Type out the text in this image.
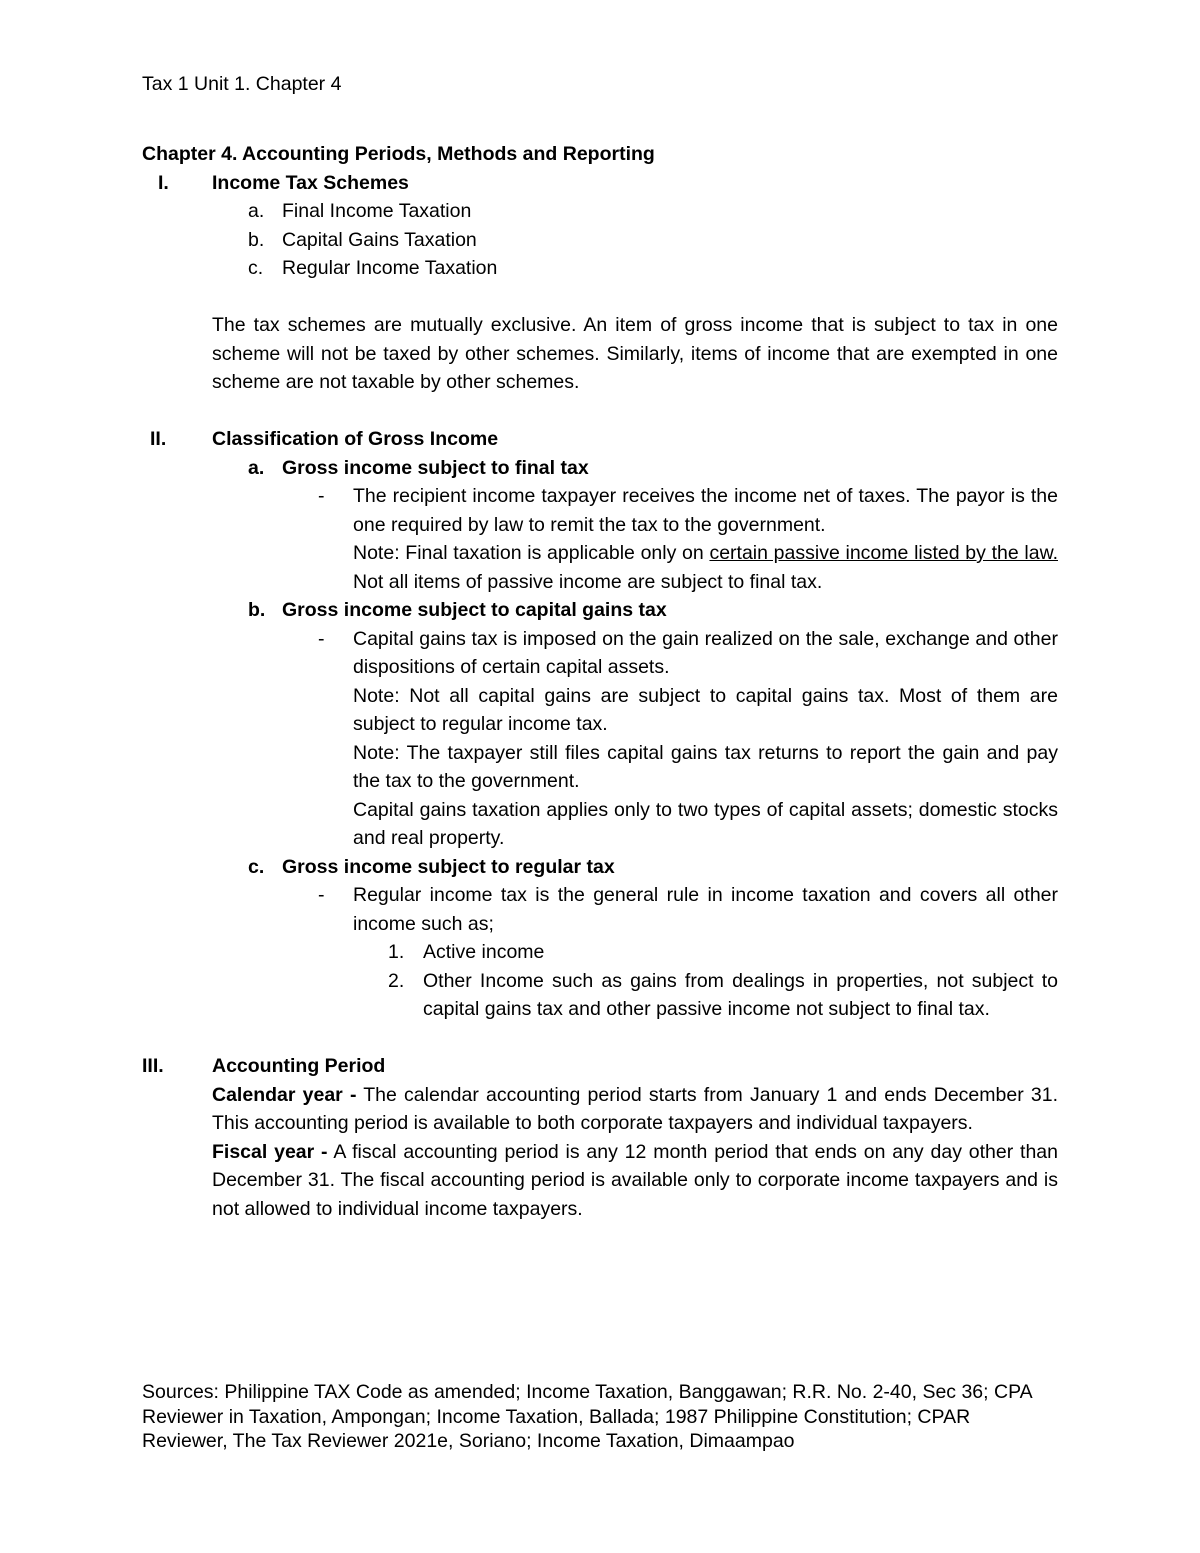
Tax 1 Unit 1. Chapter 4
Chapter 4. Accounting Periods, Methods and Reporting
I. Income Tax Schemes
a. Final Income Taxation
b. Capital Gains Taxation
c. Regular Income Taxation
The tax schemes are mutually exclusive. An item of gross income that is subject to tax in one scheme will not be taxed by other schemes. Similarly, items of income that are exempted in one scheme are not taxable by other schemes.
II. Classification of Gross Income
a. Gross income subject to final tax
- The recipient income taxpayer receives the income net of taxes. The payor is the one required by law to remit the tax to the government.
Note: Final taxation is applicable only on certain passive income listed by the law. Not all items of passive income are subject to final tax.
b. Gross income subject to capital gains tax
- Capital gains tax is imposed on the gain realized on the sale, exchange and other dispositions of certain capital assets.
Note: Not all capital gains are subject to capital gains tax. Most of them are subject to regular income tax.
Note: The taxpayer still files capital gains tax returns to report the gain and pay the tax to the government.
Capital gains taxation applies only to two types of capital assets; domestic stocks and real property.
c. Gross income subject to regular tax
- Regular income tax is the general rule in income taxation and covers all other income such as;
1. Active income
2. Other Income such as gains from dealings in properties, not subject to capital gains tax and other passive income not subject to final tax.
III. Accounting Period
Calendar year - The calendar accounting period starts from January 1 and ends December 31. This accounting period is available to both corporate taxpayers and individual taxpayers.
Fiscal year - A fiscal accounting period is any 12 month period that ends on any day other than December 31. The fiscal accounting period is available only to corporate income taxpayers and is not allowed to individual income taxpayers.
Sources: Philippine TAX Code as amended; Income Taxation, Banggawan; R.R. No. 2-40, Sec 36; CPA Reviewer in Taxation, Ampongan; Income Taxation, Ballada; 1987 Philippine Constitution; CPAR Reviewer, The Tax Reviewer 2021e, Soriano; Income Taxation, Dimaampao
